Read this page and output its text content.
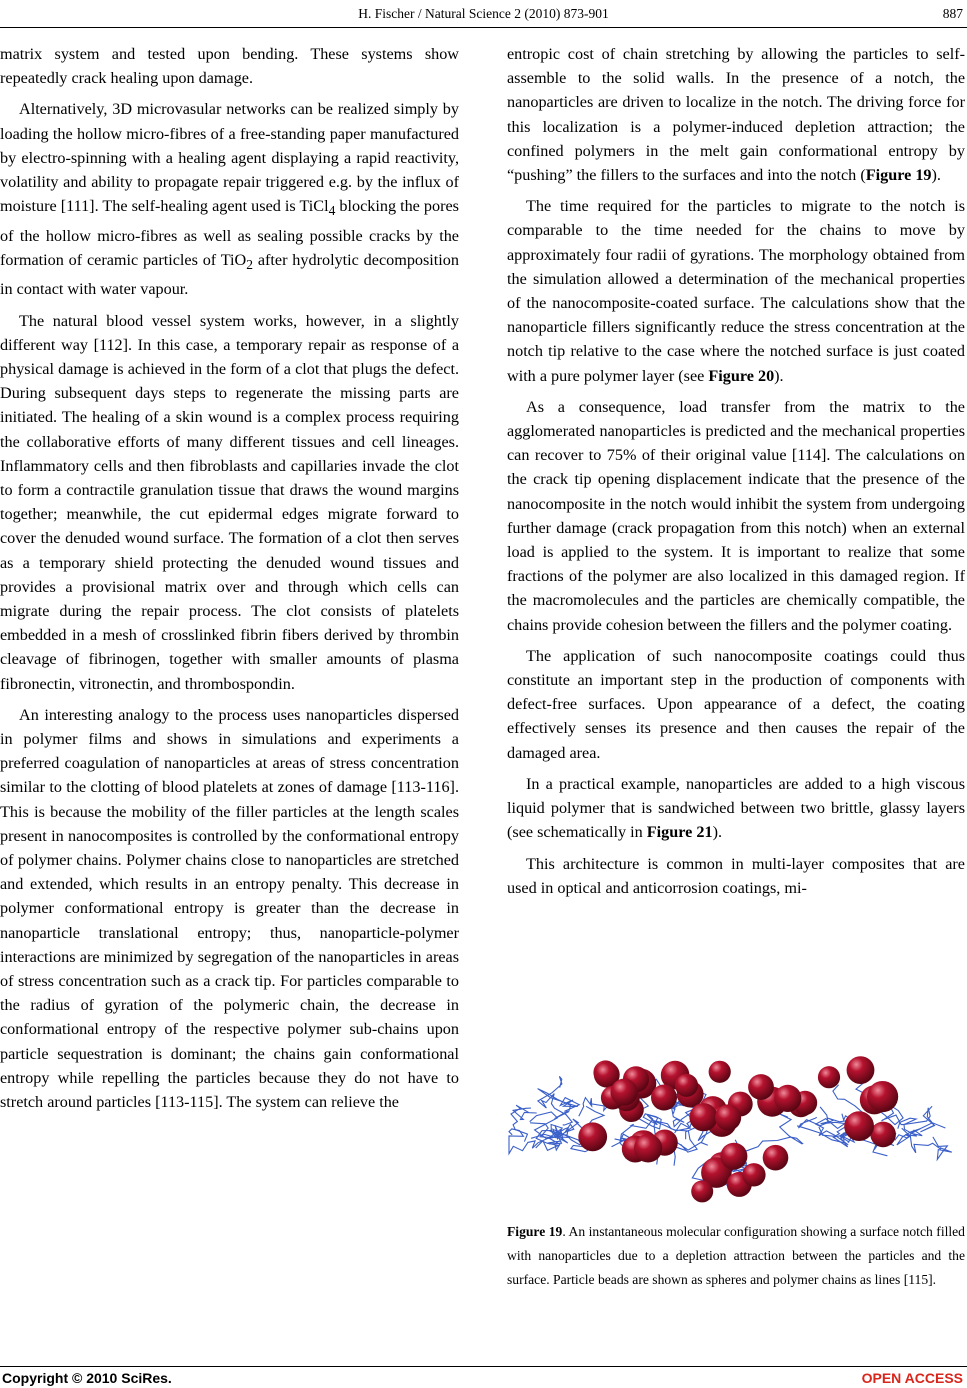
H. Fischer / Natural Science 2 (2010) 873-901	887

matrix system and tested upon bending. These systems show repeatedly crack healing upon damage.

Alternatively, 3D microvasular networks can be realized simply by loading the hollow micro-fibres of a free-standing paper manufactured by electro-spinning with a healing agent displaying a rapid reactivity, volatility and ability to propagate repair triggered e.g. by the influx of moisture [111]. The self-healing agent used is TiCl$_4$ blocking the pores of the hollow micro-fibres as well as sealing possible cracks by the formation of ceramic particles of TiO$_2$ after hydrolytic decomposition in contact with water vapour.

The natural blood vessel system works, however, in a slightly different way [112]. In this case, a temporary repair as response of a physical damage is achieved in the form of a clot that plugs the defect. During subsequent days steps to regenerate the missing parts are initiated. The healing of a skin wound is a complex process requiring the collaborative efforts of many different tissues and cell lineages. Inflammatory cells and then fibroblasts and capillaries invade the clot to form a contractile granulation tissue that draws the wound margins together; meanwhile, the cut epidermal edges migrate forward to cover the denuded wound surface. The formation of a clot then serves as a temporary shield protecting the denuded wound tissues and provides a provisional matrix over and through which cells can migrate during the repair process. The clot consists of platelets embedded in a mesh of crosslinked fibrin fibers derived by thrombin cleavage of fibrinogen, together with smaller amounts of plasma fibronectin, vitronectin, and thrombospondin.

An interesting analogy to the process uses nanoparticles dispersed in polymer films and shows in simulations and experiments a preferred coagulation of nanoparticles at areas of stress concentration similar to the clotting of blood platelets at zones of damage [113-116]. This is because the mobility of the filler particles at the length scales present in nanocomposites is controlled by the conformational entropy of polymer chains. Polymer chains close to nanoparticles are stretched and extended, which results in an entropy penalty. This decrease in polymer conformational entropy is greater than the decrease in nanoparticle translational entropy; thus, nanoparticle-polymer interactions are minimized by segregation of the nanoparticles in areas of stress concentration such as a crack tip. For particles comparable to the radius of gyration of the polymeric chain, the decrease in conformational entropy of the respective polymer sub-chains upon particle sequestration is dominant; the chains gain conformational entropy while repelling the particles because they do not have to stretch around particles [113-115]. The system can relieve the

entropic cost of chain stretching by allowing the particles to self-assemble to the solid walls. In the presence of a notch, the nanoparticles are driven to localize in the notch. The driving force for this localization is a polymer-induced depletion attraction; the confined polymers in the melt gain conformational entropy by “pushing” the fillers to the surfaces and into the notch (Figure 19).

The time required for the particles to migrate to the notch is comparable to the time needed for the chains to move by approximately four radii of gyrations. The morphology obtained from the simulation allowed a determination of the mechanical properties of the nanocomposite-coated surface. The calculations show that the nanoparticle fillers significantly reduce the stress concentration at the notch tip relative to the case where the notched surface is just coated with a pure polymer layer (see Figure 20).

As a consequence, load transfer from the matrix to the agglomerated nanoparticles is predicted and the mechanical properties can recover to 75% of their original value [114]. The calculations on the crack tip opening displacement indicate that the presence of the nanocomposite in the notch would inhibit the system from undergoing further damage (crack propagation from this notch) when an external load is applied to the system. It is important to realize that some fractions of the polymer are also localized in this damaged region. If the macromolecules and the particles are chemically compatible, the chains provide cohesion between the fillers and the polymer coating.

The application of such nanocomposite coatings could thus constitute an important step in the production of components with defect-free surfaces. Upon appearance of a defect, the coating effectively senses its presence and then causes the repair of the damaged area.

In a practical example, nanoparticles are added to a high viscous liquid polymer that is sandwiched between two brittle, glassy layers (see schematically in Figure 21).

This architecture is common in multi-layer composites that are used in optical and anticorrosion coatings, mi-

Figure 19. An instantaneous molecular configuration showing a surface notch filled with nanoparticles due to a depletion attraction between the particles and the surface. Particle beads are shown as spheres and polymer chains as lines [115].
Copyright © 2010 SciRes.	OPEN ACCESS
